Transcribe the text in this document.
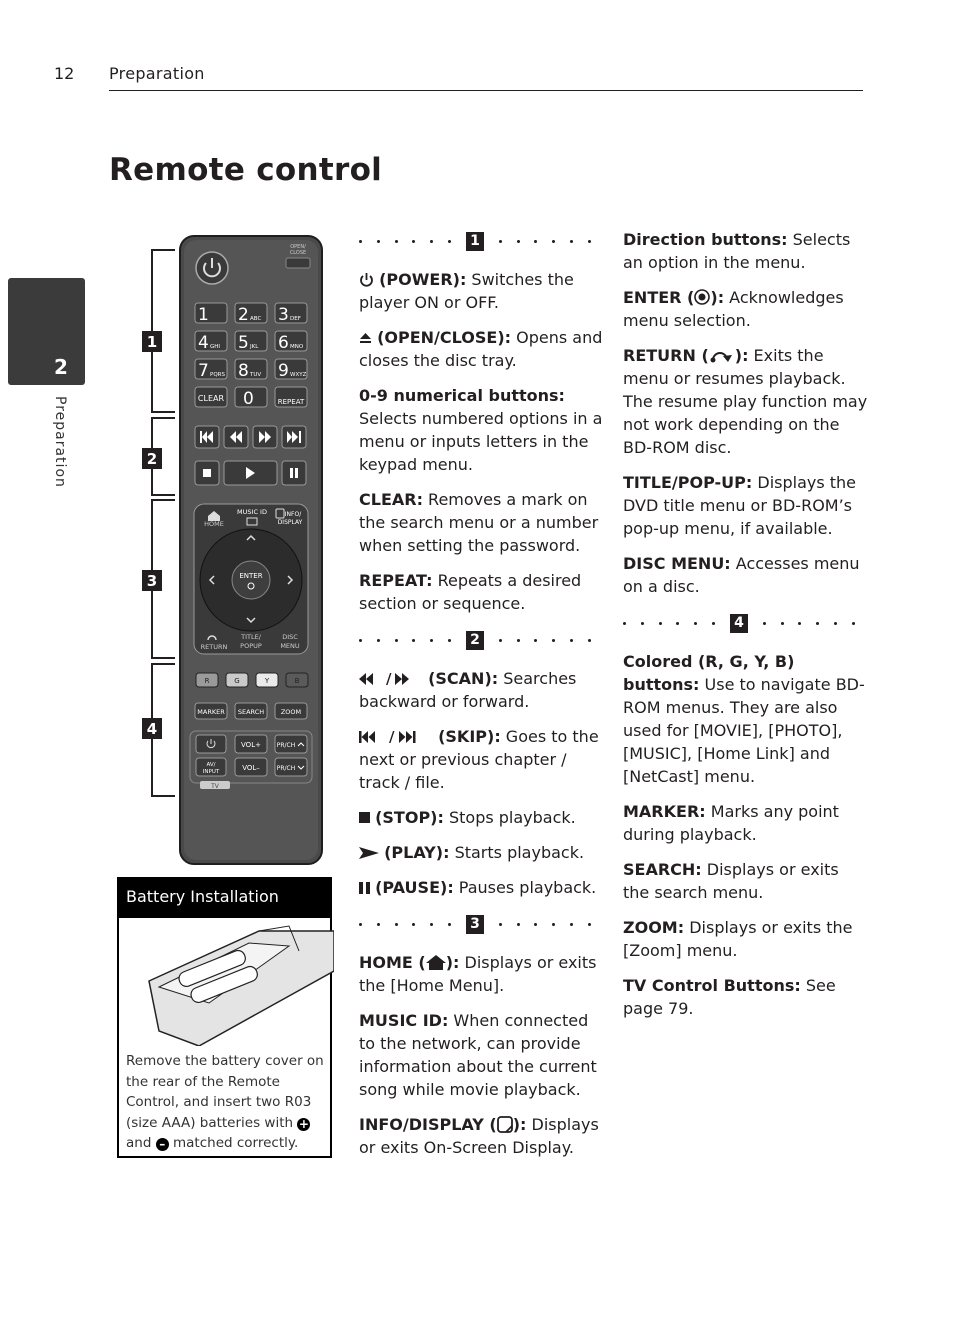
12 Preparation
Remote control
2
Preparation
1
2
3
4
OPEN/
CLOSE
1 2 ABC 3 DEF
4 GHI 5 JKL 6 MNO
7 PQRS 8 TUV 9 WXYZ
CLEAR 0	REPEAT
HOME
MUSIC ID	INFO/
DISPLAY
ENTER
RETURN
TITLE/
POPUP
DISC
MENU
R	G	Y	B
MARKER SEARCH	ZOOM
VOL+	PR/CH
AV/
INPUT	VOL–	PR/CH
TV
Battery Installation
Remove the battery cover on the rear of the Remote Control, and insert two R03 (size AAA) batteries with + and – matched correctly.
1

(POWER): Switches the player ON or OFF.

(OPEN/CLOSE): Opens and closes the disc tray.

0-9 numerical buttons: Selects numbered options in a menu or inputs letters in the keypad menu.

CLEAR: Removes a mark on the search menu or a number when setting the password.

REPEAT: Repeats a desired section or sequence.

2

(SCAN): Searches backward or forward.

(SKIP): Goes to the next or previous chapter / track / file.

(STOP): Stops playback.

(PLAY): Starts playback.

(PAUSE): Pauses playback.

3

HOME ( ): Displays or exits the [Home Menu].

MUSIC ID: When connected to the network, can provide information about the current song while movie playback.

INFO/DISPLAY ( ): Displays or exits On-Screen Display.

Direction buttons: Selects an option in the menu.

ENTER ( ): Acknowledges menu selection.

RETURN ( ): Exits the menu or resumes playback. The resume play function may not work depending on the BD-ROM disc.

TITLE/POP-UP: Displays the DVD title menu or BD-ROM’s pop-up menu, if available.

DISC MENU: Accesses menu on a disc.

4

Colored (R, G, Y, B) buttons: Use to navigate BD-ROM menus. They are also used for [MOVIE], [PHOTO], [MUSIC], [Home Link] and [NetCast] menu.

MARKER: Marks any point during playback.

SEARCH: Displays or exits the search menu.

ZOOM: Displays or exits the [Zoom] menu.

TV Control Buttons: See page 79.
